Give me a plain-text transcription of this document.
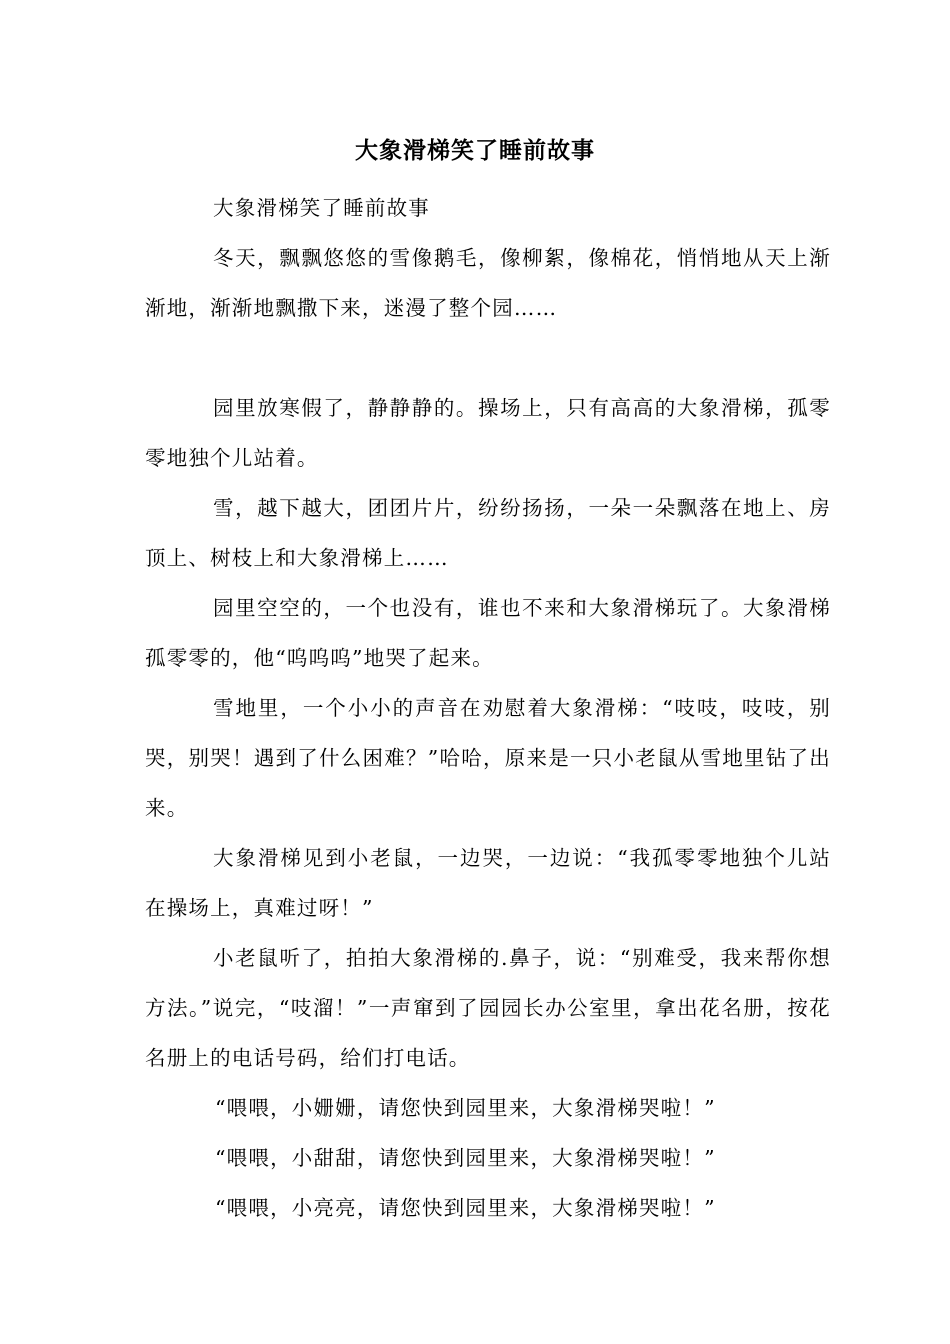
大象滑梯笑了睡前故事

大象滑梯笑了睡前故事

冬天，飘飘悠悠的雪像鹅毛，像柳絮，像棉花，悄悄地从天上渐渐地，渐渐地飘撒下来，迷漫了整个园……

园里放寒假了，静静静的。操场上，只有高高的大象滑梯，孤零零地独个儿站着。

雪，越下越大，团团片片，纷纷扬扬，一朵一朵飘落在地上、房顶上、树枝上和大象滑梯上……

园里空空的，一个也没有，谁也不来和大象滑梯玩了。大象滑梯孤零零的，他“呜呜呜”地哭了起来。

雪地里，一个小小的声音在劝慰着大象滑梯：“吱吱，吱吱，别哭，别哭！遇到了什么困难？”哈哈，原来是一只小老鼠从雪地里钻了出来。

大象滑梯见到小老鼠，一边哭，一边说：“我孤零零地独个儿站在操场上，真难过呀！”

小老鼠听了，拍拍大象滑梯的.鼻子，说：“别难受，我来帮你想方法。”说完，“吱溜！”一声窜到了园园长办公室里，拿出花名册，按花名册上的电话号码，给们打电话。

“喂喂，小姗姗，请您快到园里来，大象滑梯哭啦！”

“喂喂，小甜甜，请您快到园里来，大象滑梯哭啦！”

“喂喂，小亮亮，请您快到园里来，大象滑梯哭啦！”
